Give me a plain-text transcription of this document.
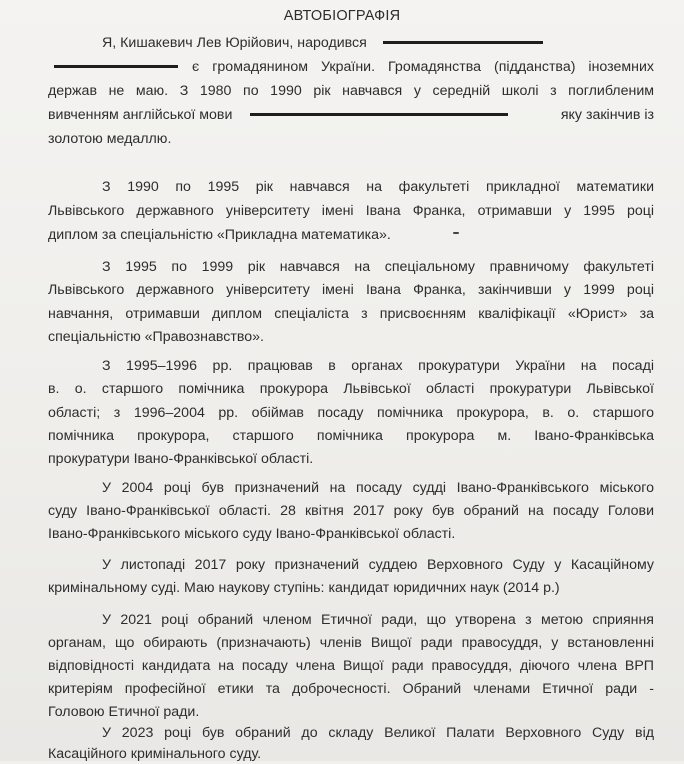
АВТОБІОГРАФІЯ
Я, Кишакевич Лев Юрійович, народився
є громадянином України. Громадянства (підданства) іноземних
держав не маю. З 1980 по 1990 рік навчався у середній школі з поглибленим
вивченням англійської мови	яку закінчив із
золотою медаллю.
З 1990 по 1995 рік навчався на факультеті прикладної математики
Львівського державного університету імені Івана Франка, отримавши у 1995 році
диплом за спеціальністю «Прикладна математика».
З 1995 по 1999 рік навчався на спеціальному правничому факультеті
Львівського державного університету імені Івана Франка, закінчивши у 1999 році
навчання, отримавши диплом спеціаліста з присвоєнням кваліфікації «Юрист» за
спеціальністю «Правознавство».
З 1995–1996 рр. працював в органах прокуратури України на посаді
в. о. старшого помічника прокурора Львівської області прокуратури Львівської
області; з 1996–2004 рр. обіймав посаду помічника прокурора, в. о. старшого
помічника прокурора, старшого помічника прокурора м. Івано-Франківська
прокуратури Івано-Франківської області.
У 2004 році був призначений на посаду судді Івано-Франківського міського
суду Івано-Франківської області. 28 квітня 2017 року був обраний на посаду Голови
Івано-Франківського міського суду Івано-Франківської області.
У листопаді 2017 року призначений суддею Верховного Суду у Касаційному
кримінальному суді. Маю наукову ступінь: кандидат юридичних наук (2014 р.)
У 2021 році обраний членом Етичної ради, що утворена з метою сприяння
органам, що обирають (призначають) членів Вищої ради правосуддя, у встановленні
відповідності кандидата на посаду члена Вищої ради правосуддя, діючого члена ВРП
критеріям професійної етики та доброчесності. Обраний членами Етичної ради -
Головою Етичної ради.
У 2023 році був обраний до складу Великої Палати Верховного Суду від
Касаційного кримінального суду.
